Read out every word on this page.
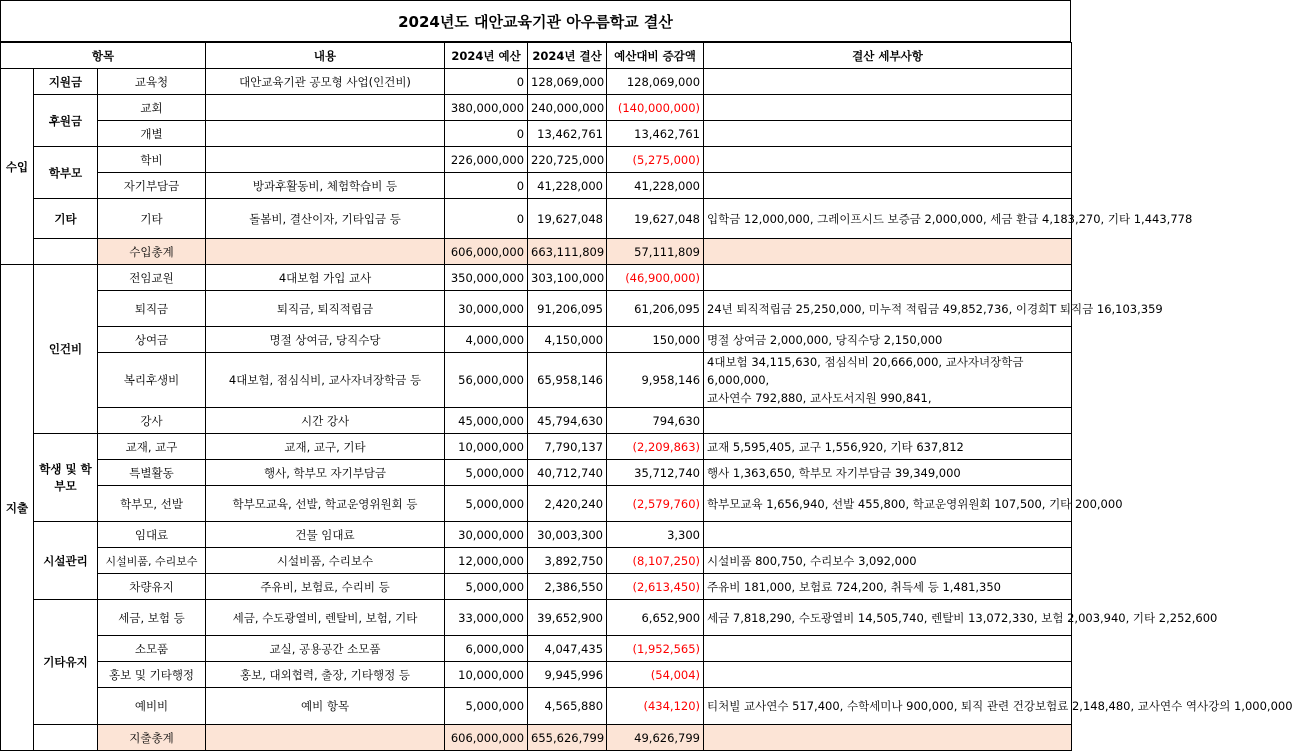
2024년도 대안교육기관 아우름학교 결산
항목			내용	2024년 예산	2024년 결산	예산대비 증감액	결산 세부사항
수입	지원금	교육청	대안교육기관 공모형 사업(인건비)	0	128,069,000	128,069,000	
	후원금	교회		380,000,000	240,000,000	(140,000,000)	
		개별		0	13,462,761	13,462,761	
	학부모	학비		226,000,000	220,725,000	(5,275,000)	
		자기부담금	방과후활동비, 체험학습비 등	0	41,228,000	41,228,000	
	기타	기타	돌봄비, 결산이자, 기타입금 등	0	19,627,048	19,627,048	입학금 12,000,000, 그레이프시드 보증금 2,000,000, 세금 환급 4,183,270, 기타 1,443,778
		수입총계		606,000,000	663,111,809	57,111,809	
지출	인건비	전임교원	4대보험 가입 교사	350,000,000	303,100,000	(46,900,000)	
		퇴직금	퇴직금, 퇴직적립금	30,000,000	91,206,095	61,206,095	24년 퇴직적립금 25,250,000, 미누적 적립금 49,852,736, 이경희T 퇴직금 16,103,359
		상여금	명절 상여금, 당직수당	4,000,000	4,150,000	150,000	명절 상여금 2,000,000, 당직수당 2,150,000
		복리후생비	4대보험, 점심식비, 교사자녀장학금 등	56,000,000	65,958,146	9,958,146	4대보험 34,115,630, 점심식비 20,666,000, 교사자녀장학금 6,000,000,
교사연수 792,880, 교사도서지원 990,841,
		강사	시간 강사	45,000,000	45,794,630	794,630	
	학생 및 학부모	교재, 교구	교재, 교구, 기타	10,000,000	7,790,137	(2,209,863)	교재 5,595,405, 교구 1,556,920, 기타 637,812
		특별활동	행사, 학부모 자기부담금	5,000,000	40,712,740	35,712,740	행사 1,363,650, 학부모 자기부담금 39,349,000
		학부모, 선발	학부모교육, 선발, 학교운영위원회 등	5,000,000	2,420,240	(2,579,760)	학부모교육 1,656,940, 선발 455,800, 학교운영위원회 107,500, 기타 200,000
	시설관리	임대료	건물 임대료	30,000,000	30,003,300	3,300	
		시설비품, 수리보수	시설비품, 수리보수	12,000,000	3,892,750	(8,107,250)	시설비품 800,750, 수리보수 3,092,000
		차량유지	주유비, 보험료, 수리비 등	5,000,000	2,386,550	(2,613,450)	주유비 181,000, 보험료 724,200, 취득세 등 1,481,350
	기타유지	세금, 보험 등	세금, 수도광열비, 렌탈비, 보험, 기타	33,000,000	39,652,900	6,652,900	세금 7,818,290, 수도광열비 14,505,740, 렌탈비 13,072,330, 보험 2,003,940, 기타 2,252,600
		소모품	교실, 공용공간 소모품	6,000,000	4,047,435	(1,952,565)	
		홍보 및 기타행정	홍보, 대외협력, 출장, 기타행정 등	10,000,000	9,945,996	(54,004)	
		예비비	예비 항목	5,000,000	4,565,880	(434,120)	티처빌 교사연수 517,400, 수학세미나 900,000, 퇴직 관련 건강보험료 2,148,480, 교사연수 역사강의 1,000,000
		지출총계		606,000,000	655,626,799	49,626,799	
